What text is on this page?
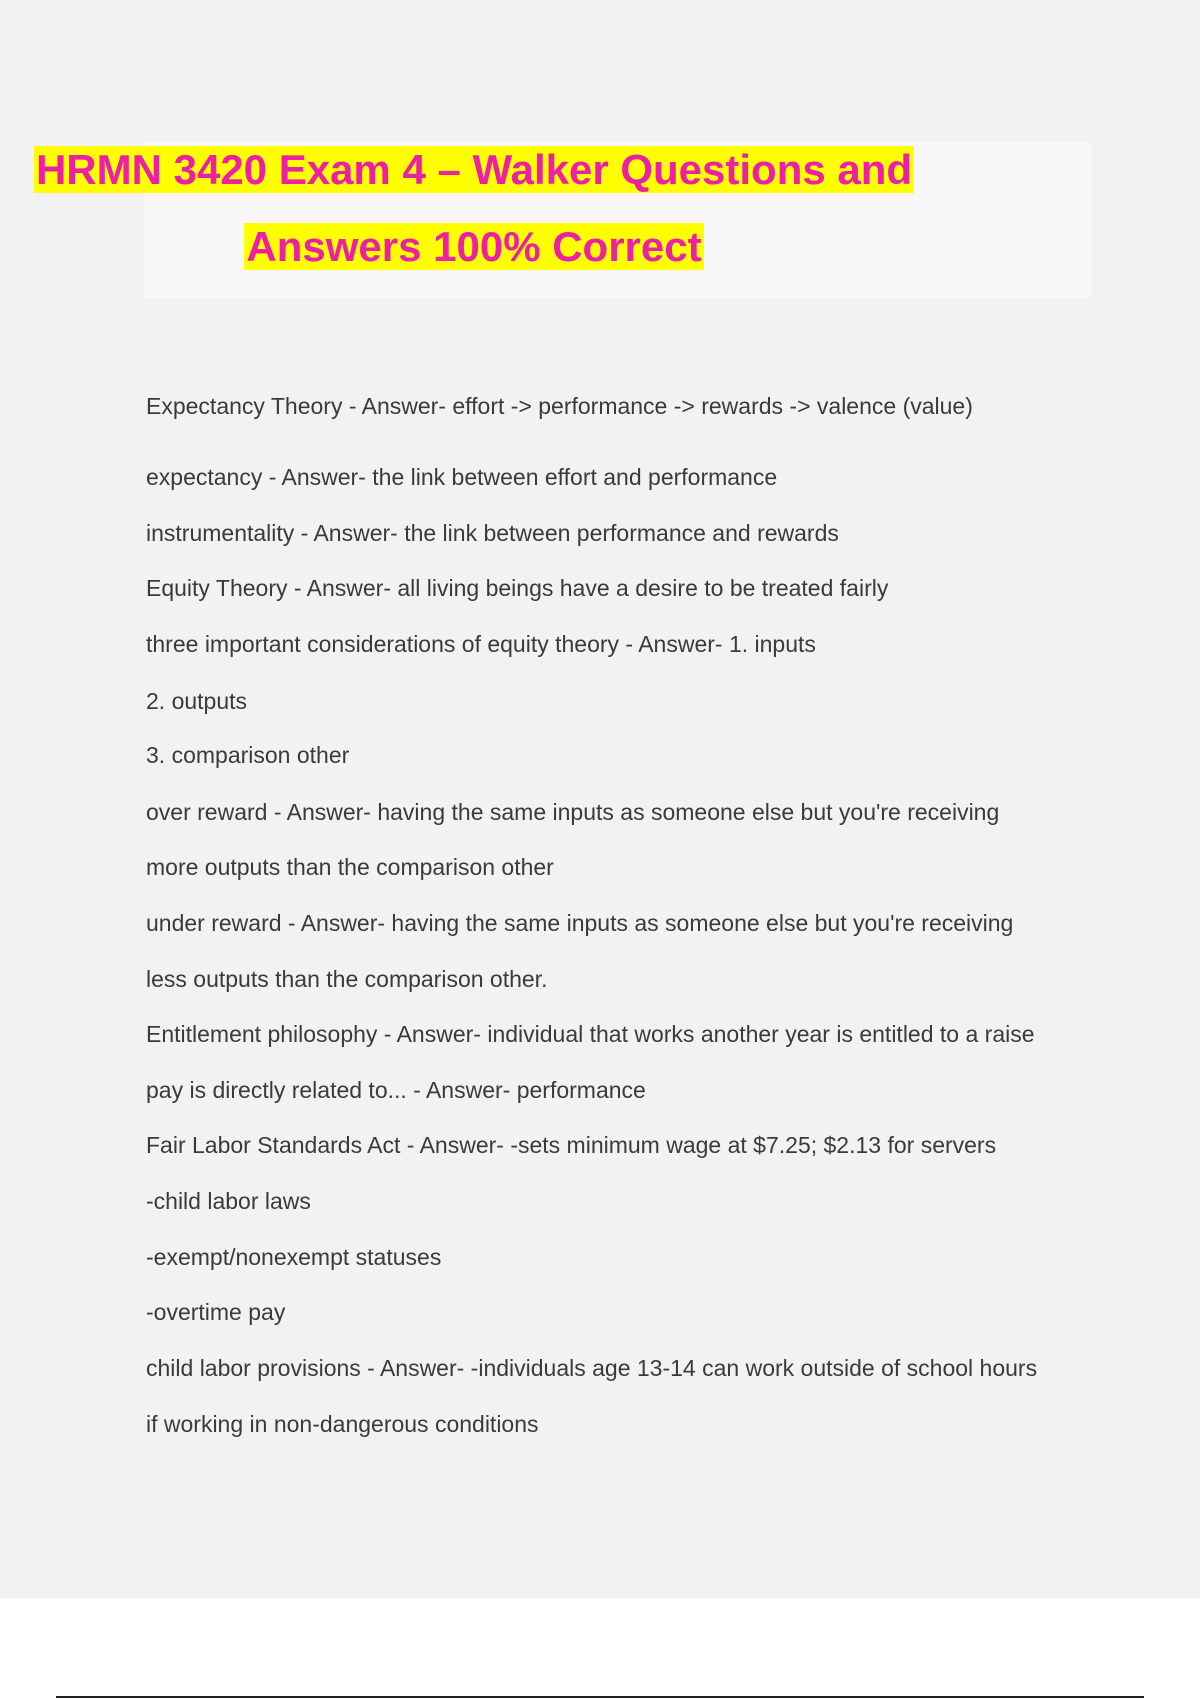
HRMN 3420 Exam 4 – Walker Questions and
Answers 100% Correct
Expectancy Theory - Answer- effort -> performance -> rewards -> valence (value)
expectancy - Answer- the link between effort and performance
instrumentality - Answer- the link between performance and rewards
Equity Theory - Answer- all living beings have a desire to be treated fairly
three important considerations of equity theory - Answer- 1. inputs
2. outputs
3. comparison other
over reward - Answer- having the same inputs as someone else but you're receiving
more outputs than the comparison other
under reward - Answer- having the same inputs as someone else but you're receiving
less outputs than the comparison other.
Entitlement philosophy - Answer- individual that works another year is entitled to a raise
pay is directly related to... - Answer- performance
Fair Labor Standards Act - Answer- -sets minimum wage at $7.25; $2.13 for servers
-child labor laws
-exempt/nonexempt statuses
-overtime pay
child labor provisions - Answer- -individuals age 13-14 can work outside of school hours
if working in non-dangerous conditions
